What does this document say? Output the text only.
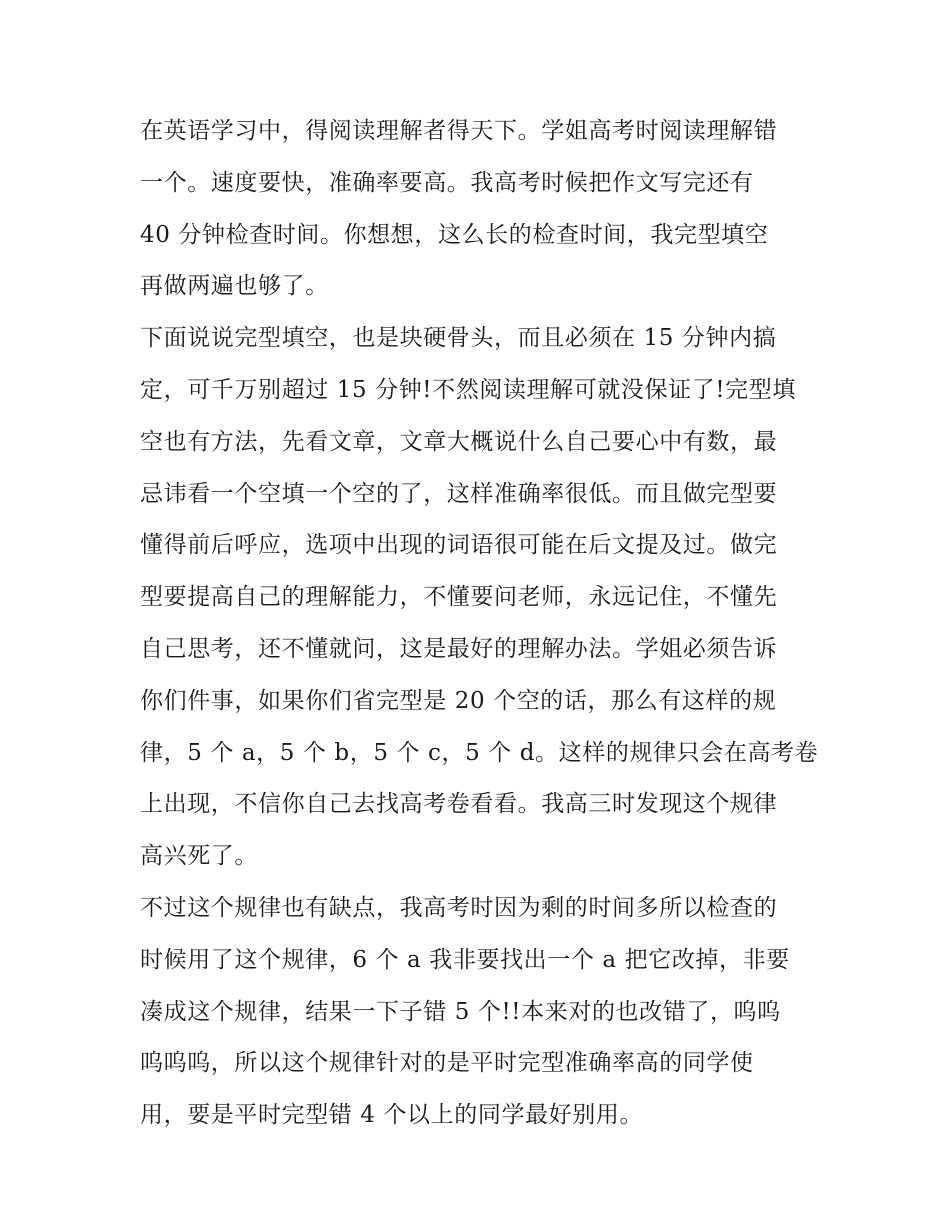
在英语学习中，得阅读理解者得天下。学姐高考时阅读理解错
一个。速度要快，准确率要高。我高考时候把作文写完还有
40 分钟检查时间。你想想，这么长的检查时间，我完型填空
再做两遍也够了。
下面说说完型填空，也是块硬骨头，而且必须在 15 分钟内搞
定，可千万别超过 15 分钟!不然阅读理解可就没保证了!完型填
空也有方法，先看文章，文章大概说什么自己要心中有数，最
忌讳看一个空填一个空的了，这样准确率很低。而且做完型要
懂得前后呼应，选项中出现的词语很可能在后文提及过。做完
型要提高自己的理解能力，不懂要问老师，永远记住，不懂先
自己思考，还不懂就问，这是最好的理解办法。学姐必须告诉
你们件事，如果你们省完型是 20 个空的话，那么有这样的规
律，5 个 a，5 个 b，5 个 c，5 个 d。这样的规律只会在高考卷
上出现，不信你自己去找高考卷看看。我高三时发现这个规律
高兴死了。
不过这个规律也有缺点，我高考时因为剩的时间多所以检查的
时候用了这个规律，6 个 a 我非要找出一个 a 把它改掉，非要
凑成这个规律，结果一下子错 5 个!!本来对的也改错了，呜呜
呜呜呜，所以这个规律针对的是平时完型准确率高的同学使
用，要是平时完型错 4 个以上的同学最好别用。
